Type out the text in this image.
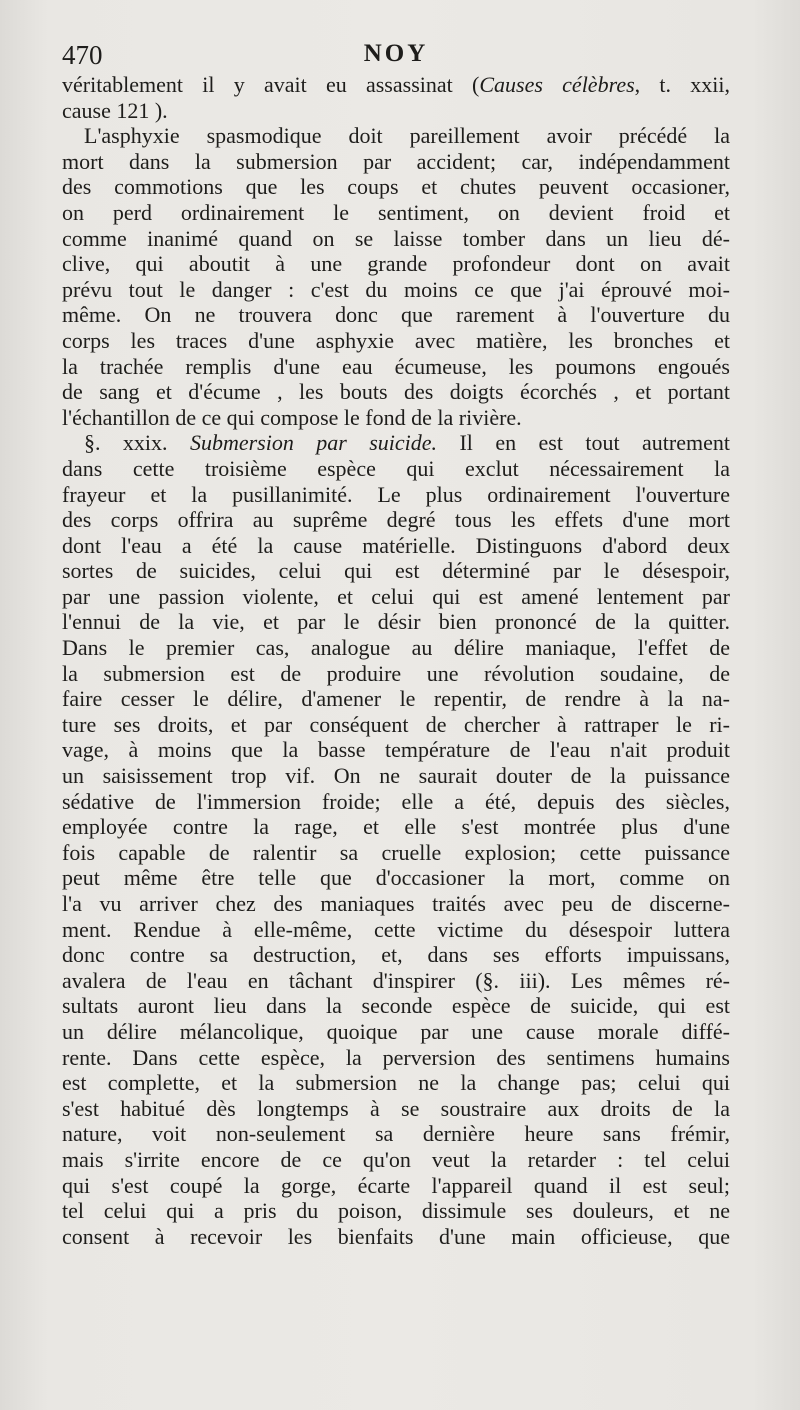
470	NOY
véritablement il y avait eu assassinat (Causes célèbres, t. xxii,
cause 121 ).
L'asphyxie spasmodique doit pareillement avoir précédé la
mort dans la submersion par accident; car, indépendamment
des commotions que les coups et chutes peuvent occasioner,
on perd ordinairement le sentiment, on devient froid et
comme inanimé quand on se laisse tomber dans un lieu dé-
clive, qui aboutit à une grande profondeur dont on avait
prévu tout le danger : c'est du moins ce que j'ai éprouvé moi-
même. On ne trouvera donc que rarement à l'ouverture du
corps les traces d'une asphyxie avec matière, les bronches et
la trachée remplis d'une eau écumeuse, les poumons engoués
de sang et d'écume , les bouts des doigts écorchés , et portant
l'échantillon de ce qui compose le fond de la rivière.
§. xxix. Submersion par suicide. Il en est tout autrement
dans cette troisième espèce qui exclut nécessairement la
frayeur et la pusillanimité. Le plus ordinairement l'ouverture
des corps offrira au suprême degré tous les effets d'une mort
dont l'eau a été la cause matérielle. Distinguons d'abord deux
sortes de suicides, celui qui est déterminé par le désespoir,
par une passion violente, et celui qui est amené lentement par
l'ennui de la vie, et par le désir bien prononcé de la quitter.
Dans le premier cas, analogue au délire maniaque, l'effet de
la submersion est de produire une révolution soudaine, de
faire cesser le délire, d'amener le repentir, de rendre à la na-
ture ses droits, et par conséquent de chercher à rattraper le ri-
vage, à moins que la basse température de l'eau n'ait produit
un saisissement trop vif. On ne saurait douter de la puissance
sédative de l'immersion froide; elle a été, depuis des siècles,
employée contre la rage, et elle s'est montrée plus d'une
fois capable de ralentir sa cruelle explosion; cette puissance
peut même être telle que d'occasioner la mort, comme on
l'a vu arriver chez des maniaques traités avec peu de discerne-
ment. Rendue à elle-même, cette victime du désespoir luttera
donc contre sa destruction, et, dans ses efforts impuissans,
avalera de l'eau en tâchant d'inspirer (§. iii). Les mêmes ré-
sultats auront lieu dans la seconde espèce de suicide, qui est
un délire mélancolique, quoique par une cause morale diffé-
rente. Dans cette espèce, la perversion des sentimens humains
est complette, et la submersion ne la change pas; celui qui
s'est habitué dès longtemps à se soustraire aux droits de la
nature, voit non-seulement sa dernière heure sans frémir,
mais s'irrite encore de ce qu'on veut la retarder : tel celui
qui s'est coupé la gorge, écarte l'appareil quand il est seul;
tel celui qui a pris du poison, dissimule ses douleurs, et ne
consent à recevoir les bienfaits d'une main officieuse, que
